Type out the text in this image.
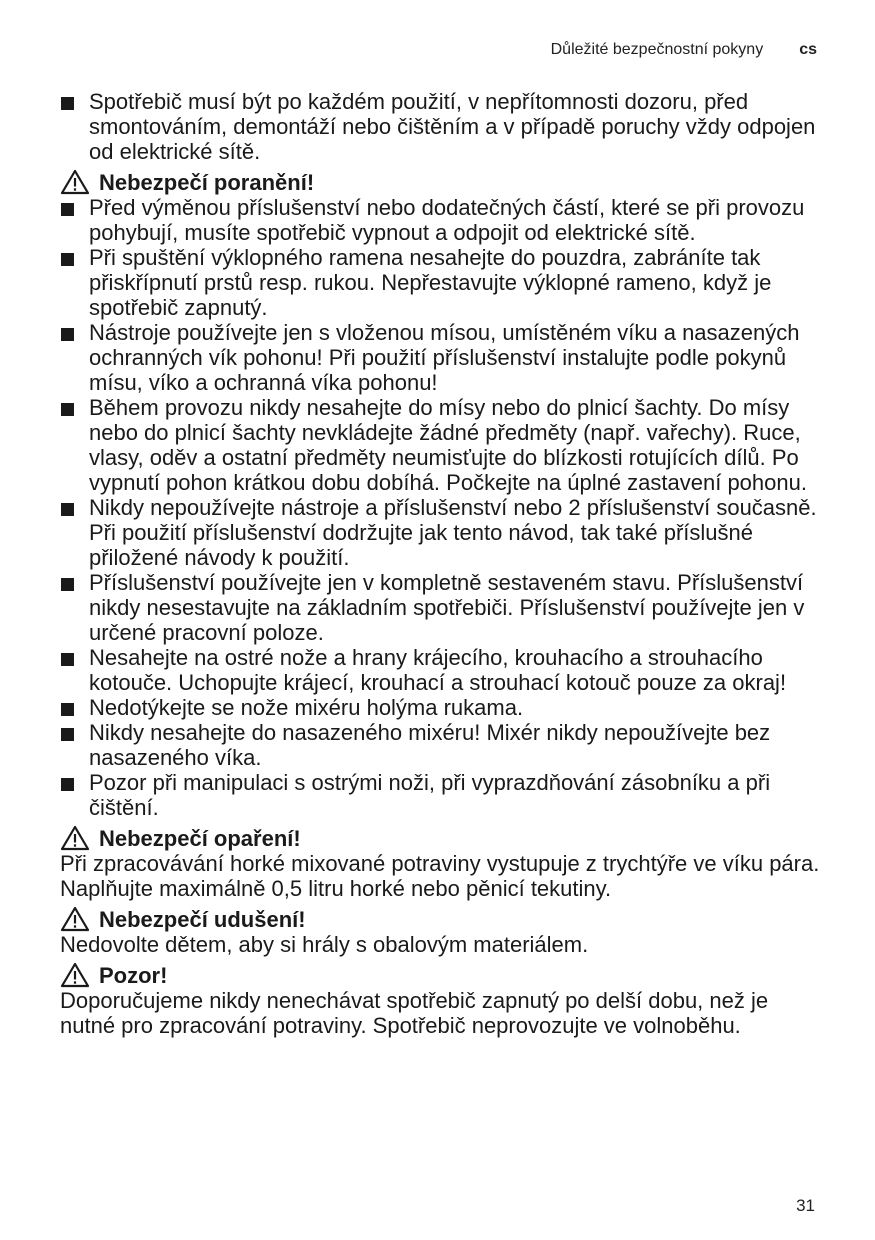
Důležité bezpečnostní pokyny cs
Spotřebič musí být po každém použití, v nepřítomnosti dozoru, před smontováním, demontáží nebo čištěním a v případě poruchy vždy odpojen od elektrické sítě.
Nebezpečí poranění!
Před výměnou příslušenství nebo dodatečných částí, které se při provozu pohybují, musíte spotřebič vypnout a odpojit od elektrické sítě.
Při spuštění výklopného ramena nesahejte do pouzdra, zabráníte tak přiskřípnutí prstů resp. rukou. Nepřestavujte výklopné rameno, když je spotřebič zapnutý.
Nástroje používejte jen s vloženou mísou, umístěném víku a nasazených ochranných vík pohonu! Při použití příslušenství instalujte podle pokynů mísu, víko a ochranná víka pohonu!
Během provozu nikdy nesahejte do mísy nebo do plnicí šachty. Do mísy nebo do plnicí šachty nevkládejte žádné předměty (např. vařechy). Ruce, vlasy, oděv a ostatní předměty neumisťujte do blízkosti rotujících dílů. Po vypnutí pohon krátkou dobu dobíhá. Počkejte na úplné zastavení pohonu.
Nikdy nepoužívejte nástroje a příslušenství nebo 2 příslušenství současně. Při použití příslušenství dodržujte jak tento návod, tak také příslušné přiložené návody k použití.
Příslušenství používejte jen v kompletně sestaveném stavu. Příslušenství nikdy nesestavujte na základním spotřebiči. Příslušenství používejte jen v určené pracovní poloze.
Nesahejte na ostré nože a hrany krájecího, krouhacího a strouhacího kotouče. Uchopujte krájecí, krouhací a strouhací kotouč pouze za okraj!
Nedotýkejte se nože mixéru holýma rukama.
Nikdy nesahejte do nasazeného mixéru! Mixér nikdy nepoužívejte bez nasazeného víka.
Pozor při manipulaci s ostrými noži, při vyprazdňování zásobníku a při čištění.
Nebezpečí opaření!
Při zpracovávání horké mixované potraviny vystupuje z trychtýře ve víku pára. Naplňujte maximálně 0,5 litru horké nebo pěnicí tekutiny.
Nebezpečí udušení!
Nedovolte dětem, aby si hrály s obalovým materiálem.
Pozor!
Doporučujeme nikdy nenechávat spotřebič zapnutý po delší dobu, než je nutné pro zpracování potraviny. Spotřebič neprovozujte ve volnoběhu.
31
